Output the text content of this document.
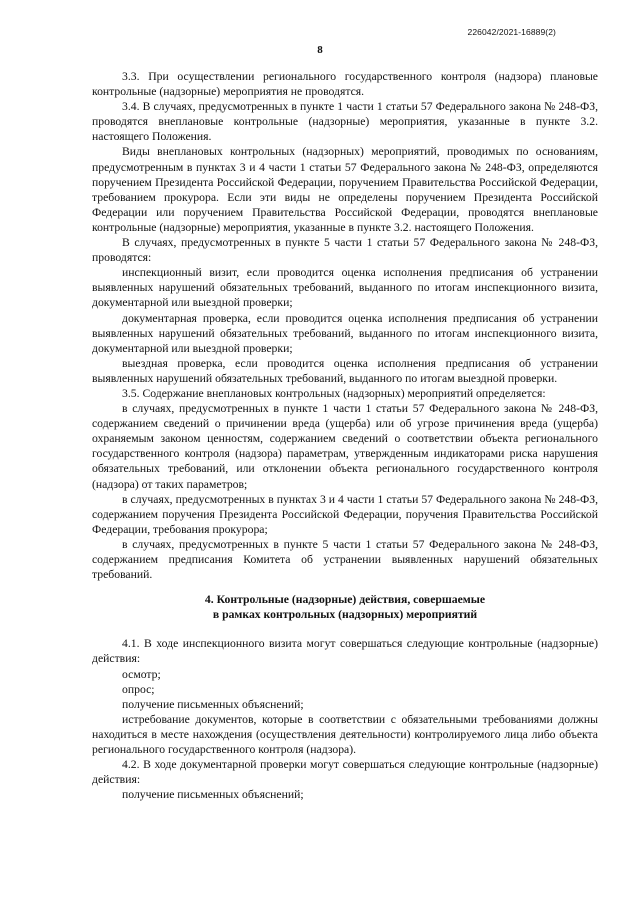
226042/2021-16889(2)
8

3.3. При осуществлении регионального государственного контроля (надзора) плановые контрольные (надзорные) мероприятия не проводятся.

3.4. В случаях, предусмотренных в пункте 1 части 1 статьи 57 Федерального закона № 248-ФЗ, проводятся внеплановые контрольные (надзорные) мероприятия, указанные в пункте 3.2. настоящего Положения.

Виды внеплановых контрольных (надзорных) мероприятий, проводимых по основаниям, предусмотренным в пунктах 3 и 4 части 1 статьи 57 Федерального закона № 248-ФЗ, определяются поручением Президента Российской Федерации, поручением Правительства Российской Федерации, требованием прокурора. Если эти виды не определены поручением Президента Российской Федерации или поручением Правительства Российской Федерации, проводятся внеплановые контрольные (надзорные) мероприятия, указанные в пункте 3.2. настоящего Положения.

В случаях, предусмотренных в пункте 5 части 1 статьи 57 Федерального закона № 248-ФЗ, проводятся:

инспекционный визит, если проводится оценка исполнения предписания об устранении выявленных нарушений обязательных требований, выданного по итогам инспекционного визита, документарной или выездной проверки;

документарная проверка, если проводится оценка исполнения предписания об устранении выявленных нарушений обязательных требований, выданного по итогам инспекционного визита, документарной или выездной проверки;

выездная проверка, если проводится оценка исполнения предписания об устранении выявленных нарушений обязательных требований, выданного по итогам выездной проверки.

3.5. Содержание внеплановых контрольных (надзорных) мероприятий определяется:

в случаях, предусмотренных в пункте 1 части 1 статьи 57 Федерального закона № 248-ФЗ, содержанием сведений о причинении вреда (ущерба) или об угрозе причинения вреда (ущерба) охраняемым законом ценностям, содержанием сведений о соответствии объекта регионального государственного контроля (надзора) параметрам, утвержденным индикаторами риска нарушения обязательных требований, или отклонении объекта регионального государственного контроля (надзора) от таких параметров;

в случаях, предусмотренных в пунктах 3 и 4 части 1 статьи 57 Федерального закона № 248-ФЗ, содержанием поручения Президента Российской Федерации, поручения Правительства Российской Федерации, требования прокурора;

в случаях, предусмотренных в пункте 5 части 1 статьи 57 Федерального закона № 248-ФЗ, содержанием предписания Комитета об устранении выявленных нарушений обязательных требований.

4. Контрольные (надзорные) действия, совершаемые
в рамках контрольных (надзорных) мероприятий

4.1. В ходе инспекционного визита могут совершаться следующие контрольные (надзорные) действия:

осмотр;

опрос;

получение письменных объяснений;

истребование документов, которые в соответствии с обязательными требованиями должны находиться в месте нахождения (осуществления деятельности) контролируемого лица либо объекта регионального государственного контроля (надзора).

4.2. В ходе документарной проверки могут совершаться следующие контрольные (надзорные) действия:

получение письменных объяснений;
